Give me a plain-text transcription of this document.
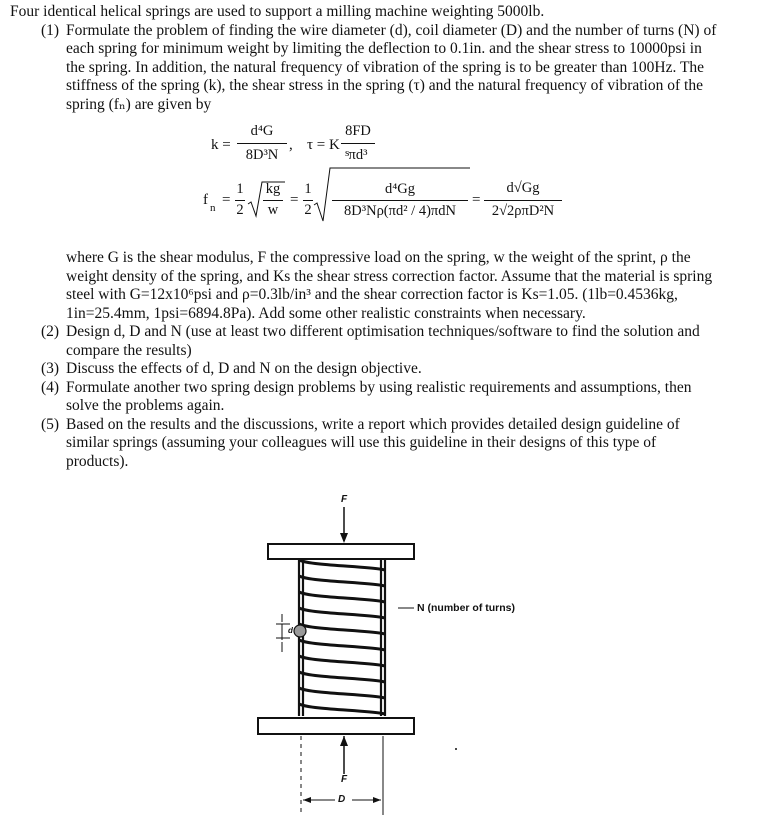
Four identical helical springs are used to support a milling machine weighting 5000lb.
(1) Formulate the problem of finding the wire diameter (d), coil diameter (D) and the number of turns (N) of
each spring for minimum weight by limiting the deflection to 0.1in. and the shear stress to 10000psi in
the spring. In addition, the natural frequency of vibration of the spring is to be greater than 100Hz. The
stiffness of the spring (k), the shear stress in the spring (τ) and the natural frequency of vibration of the
spring (fₙ) are given by
k =
d⁴G
8D³N
, τ = K s
8FD
πd³
f n =
1
2
kg
w
=
1
2
d⁴Gg
8D³Nρ(πd² / 4)πdN
=
d√Gg
2√2ρπD²N
where G is the shear modulus, F the compressive load on the spring, w the weight of the sprint, ρ the
weight density of the spring, and Ks the shear stress correction factor. Assume that the material is spring
steel with G=12x10⁶psi and ρ=0.3lb/in³ and the shear correction factor is Ks=1.05. (1lb=0.4536kg,
1in=25.4mm, 1psi=6894.8Pa). Add some other realistic constraints when necessary.
(2) Design d, D and N (use at least two different optimisation techniques/software to find the solution and
compare the results)
(3) Discuss the effects of d, D and N on the design objective.
(4) Formulate another two spring design problems by using realistic requirements and assumptions, then
solve the problems again.
(5) Based on the results and the discussions, write a report which provides detailed design guideline of
similar springs (assuming your colleagues will use this guideline in their designs of this type of
products).
F
F
N (number of turns)
d
D
